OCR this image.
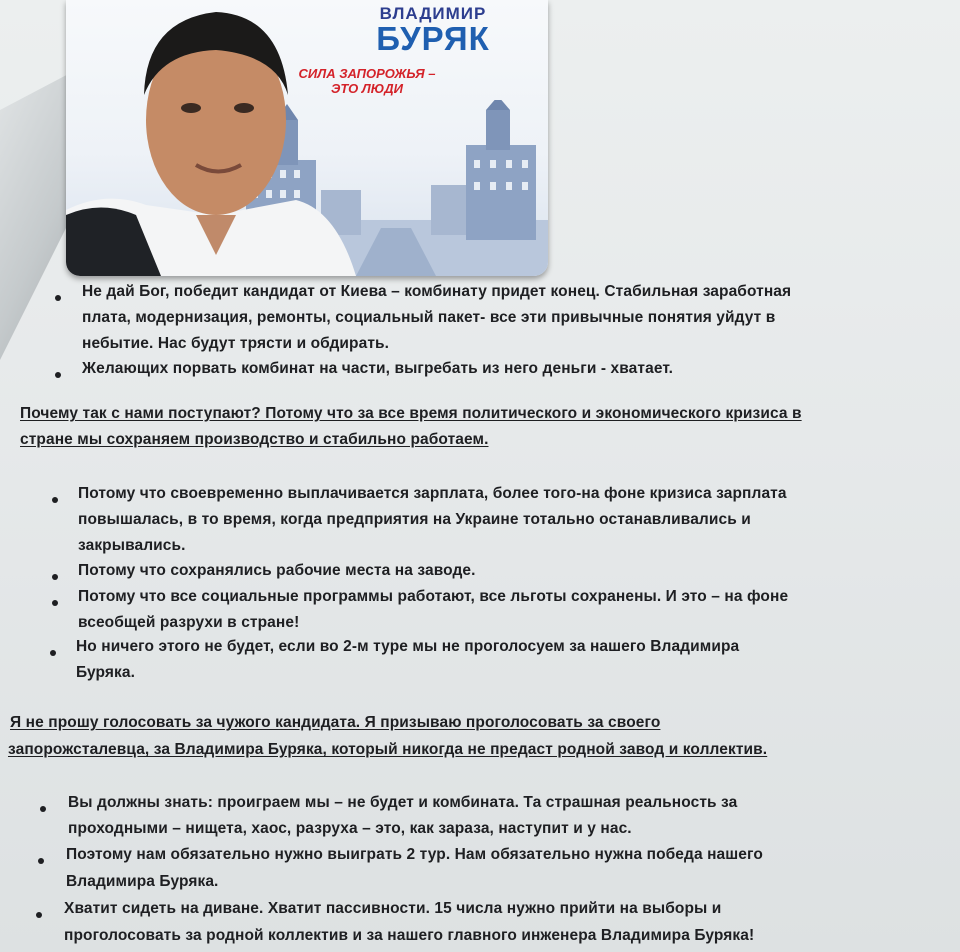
ВЛАДИМИР
БУРЯК
СИЛА ЗАПОРОЖЬЯ –
ЭТО ЛЮДИ
Не дай Бог, победит кандидат от Киева – комбинату придет конец. Стабильная заработная
плата, модернизация, ремонты, социальный пакет- все эти привычные понятия уйдут в
небытие. Нас будут трясти и обдирать.
Желающих порвать комбинат на части, выгребать из него деньги - хватает.
Почему так с нами поступают? Потому что за все время политического и экономического кризиса в
стране мы сохраняем производство и стабильно работаем.
Потому что своевременно выплачивается зарплата, более того-на фоне кризиса зарплата
повышалась, в то время, когда предприятия на Украине тотально останавливались и
закрывались.
Потому что сохранялись рабочие места на заводе.
Потому что все социальные программы работают, все льготы сохранены. И это – на фоне
всеобщей разрухи в стране!
Но ничего этого не будет, если во 2-м туре мы не проголосуем за нашего Владимира
Буряка.
Я не прошу голосовать за чужого кандидата. Я призываю проголосовать за своего
запорожсталевца, за Владимира Буряка, который никогда не предаст родной завод и коллектив.
Вы должны знать: проиграем мы – не будет и комбината. Та страшная реальность за
проходными – нищета, хаос, разруха – это, как зараза, наступит и у нас.
Поэтому нам обязательно нужно выиграть 2 тур. Нам обязательно нужна победа нашего
Владимира Буряка.
Хватит сидеть на диване. Хватит пассивности. 15 числа нужно прийти на выборы и
проголосовать за родной коллектив и за нашего главного инженера Владимира Буряка!
